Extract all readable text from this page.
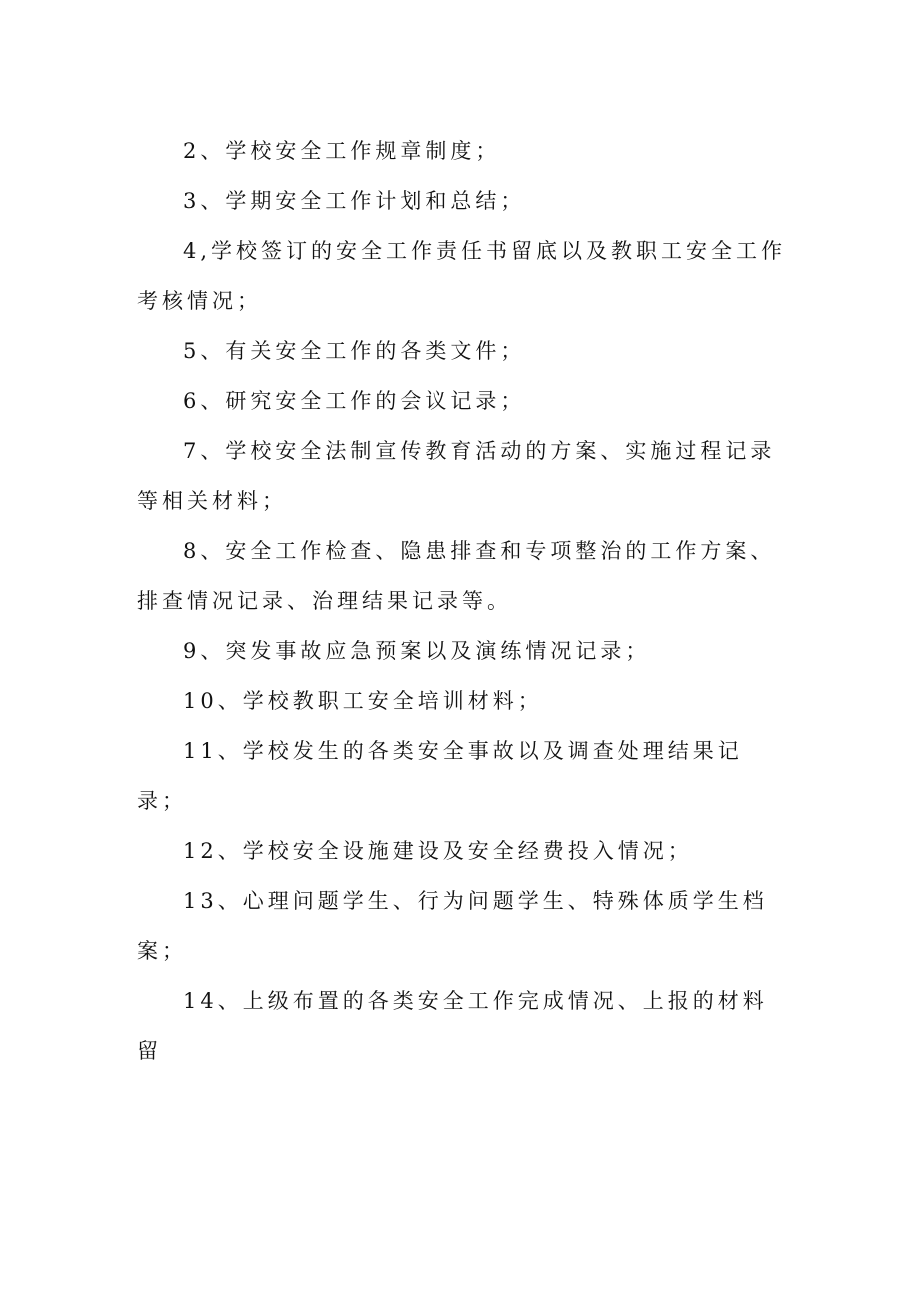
2、学校安全工作规章制度；

3、学期安全工作计划和总结；

4,学校签订的安全工作责任书留底以及教职工安全工作考核情况；

5、有关安全工作的各类文件；

6、研究安全工作的会议记录；

7、学校安全法制宣传教育活动的方案、实施过程记录等相关材料；

8、安全工作检查、隐患排查和专项整治的工作方案、排查情况记录、治理结果记录等。

9、突发事故应急预案以及演练情况记录；

10、学校教职工安全培训材料；

11、学校发生的各类安全事故以及调查处理结果记录；

12、学校安全设施建设及安全经费投入情况；

13、心理问题学生、行为问题学生、特殊体质学生档案；

14、上级布置的各类安全工作完成情况、上报的材料留
